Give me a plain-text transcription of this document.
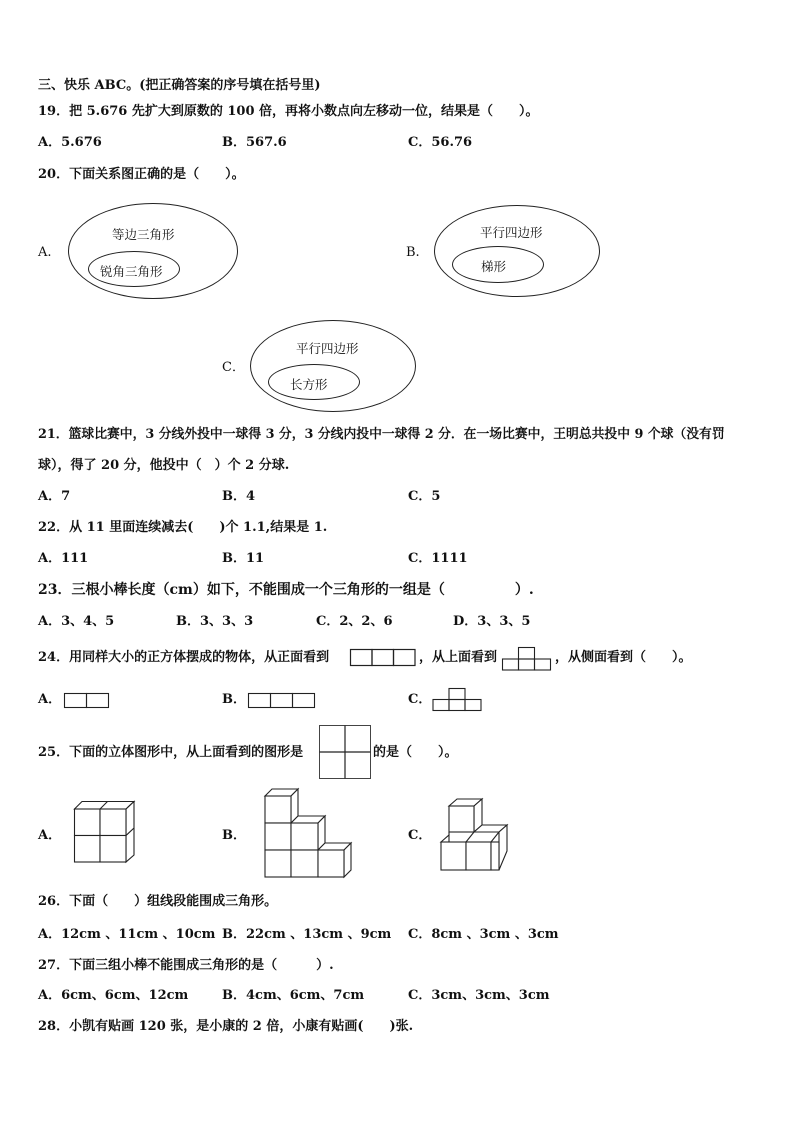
三、快乐 ABC。(把正确答案的序号填在括号里)
19．把 5.676 先扩大到原数的 100 倍，再将小数点向左移动一位，结果是（　　）。
A．5.676	B．567.6	C．56.76
20．下面关系图正确的是（　　）。
A.
等边三角形
锐角三角形
B.
平行四边形
梯形
C．
平行四边形
长方形
21．篮球比赛中，3 分线外投中一球得 3 分，3 分线内投中一球得 2 分．在一场比赛中，王明总共投中 9 个球（没有罚
球），得了 20 分，他投中（　）个 2 分球.
A．7	B．4	C．5
22．从 11 里面连续减去(　　)个 1.1,结果是 1.
A．111	B．11	C．1111
23．三根小棒长度（cm）如下，不能围成一个三角形的一组是（　　　　　）.
A．3、4、5	B．3、3、3	C．2、2、6	D．3、3、5
24．用同样大小的正方体摆成的物体，从正面看到	，从上面看到	，从侧面看到（　　）。
A．	B．	C．
25．下面的立体图形中，从上面看到的图形是	的是（　　）。
A．	B．	C．
26．下面（　　）组线段能围成三角形。
A．12cm 、11cm 、10cm B．22cm 、13cm 、9cm C．8cm 、3cm 、3cm
27．下面三组小棒不能围成三角形的是（　　　）.
A．6cm、6cm、12cm	B．4cm、6cm、7cm	C．3cm、3cm、3cm
28．小凯有贴画 120 张，是小康的 2 倍，小康有贴画(　　)张.
